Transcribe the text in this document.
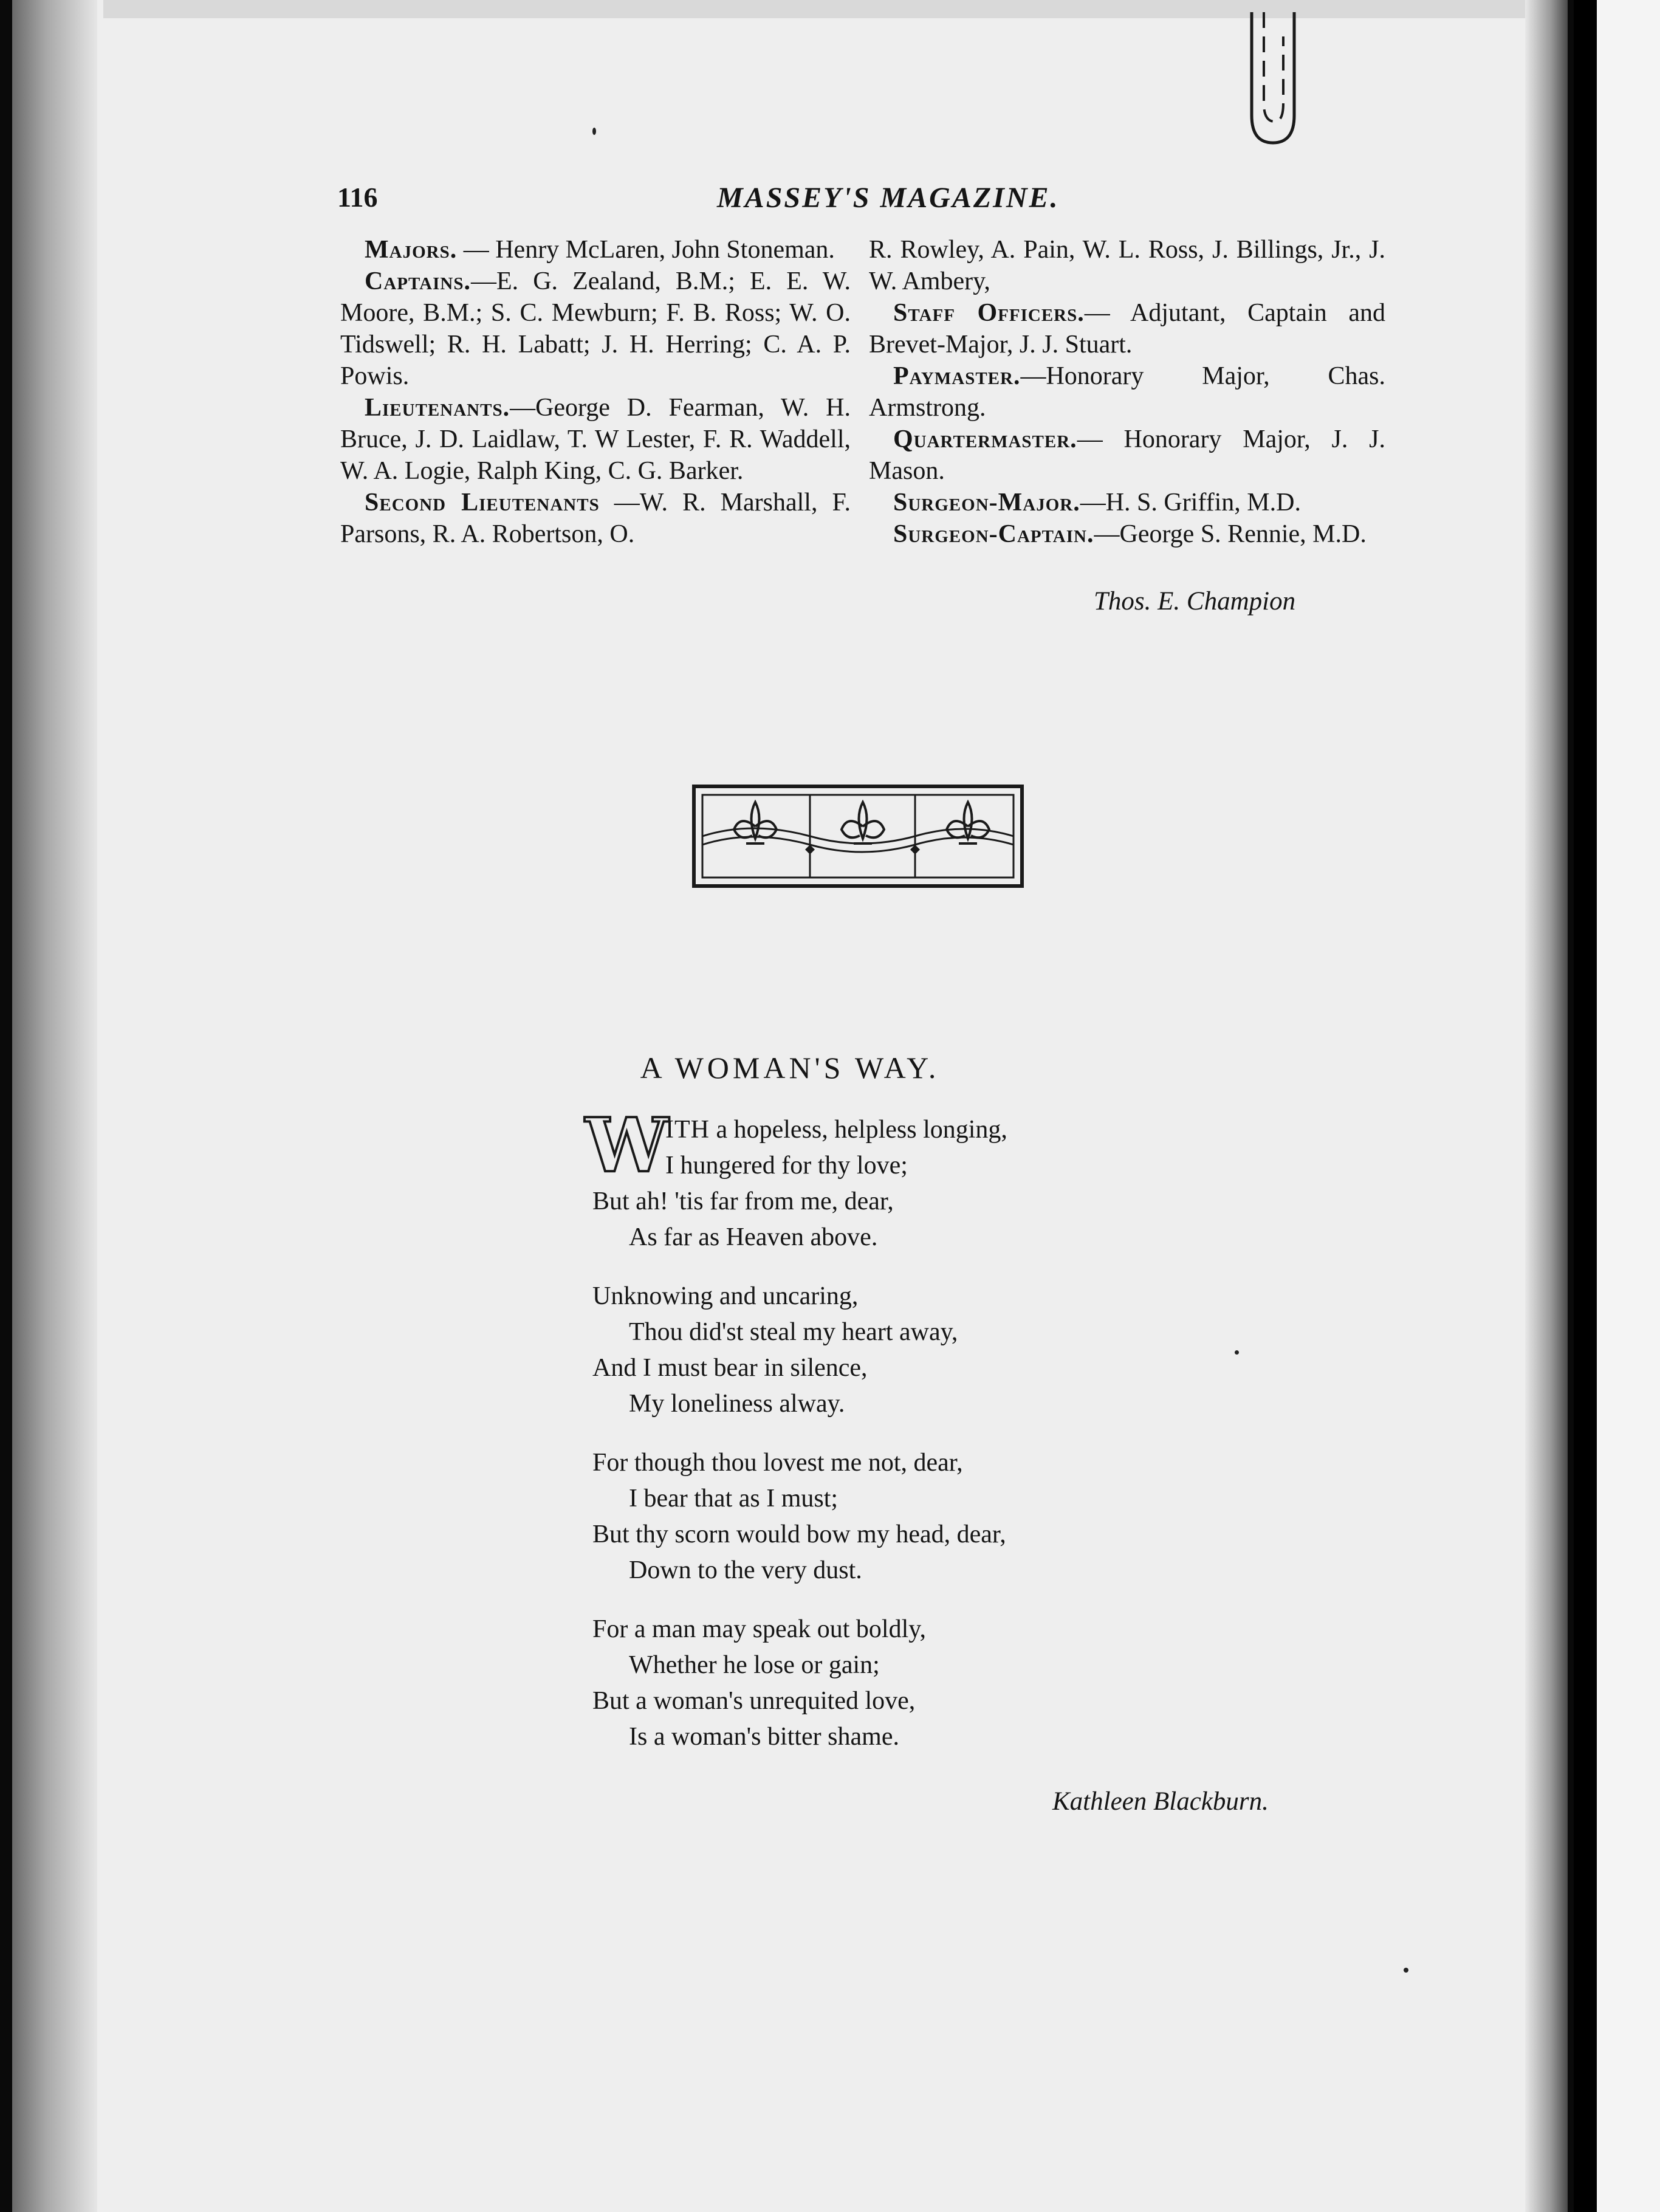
116	MASSEY'S MAGAZINE.

Majors. — Henry McLaren, John Stoneman.

Captains.—E. G. Zealand, B.M.; E. E. W. Moore, B.M.; S. C. Mewburn; F. B. Ross; W. O. Tidswell; R. H. Labatt; J. H. Herring; C. A. P. Powis.

Lieutenants.—George D. Fearman, W. H. Bruce, J. D. Laidlaw, T. W Lester, F. R. Waddell, W. A. Logie, Ralph King, C. G. Barker.

Second Lieutenants —W. R. Marshall, F. Parsons, R. A. Robertson, O.

R. Rowley, A. Pain, W. L. Ross, J. Billings, Jr., J. W. Ambery,

Staff Officers.— Adjutant, Captain and Brevet-Major, J. J. Stuart.

Paymaster.—Honorary Major, Chas. Armstrong.

Quartermaster.— Honorary Major, J. J. Mason.

Surgeon-Major.—H. S. Griffin, M.D.

Surgeon-Captain.—George S. Rennie, M.D.

Thos. E. Champion
A WOMAN'S WAY.
W
ITH a hopeless, helpless longing,
I hungered for thy love;
But ah! 'tis far from me, dear,
As far as Heaven above.
Unknowing and uncaring,
Thou did'st steal my heart away,
And I must bear in silence,
My loneliness alway.
For though thou lovest me not, dear,
I bear that as I must;
But thy scorn would bow my head, dear,
Down to the very dust.
For a man may speak out boldly,
Whether he lose or gain;
But a woman's unrequited love,
Is a woman's bitter shame.
Kathleen Blackburn.
